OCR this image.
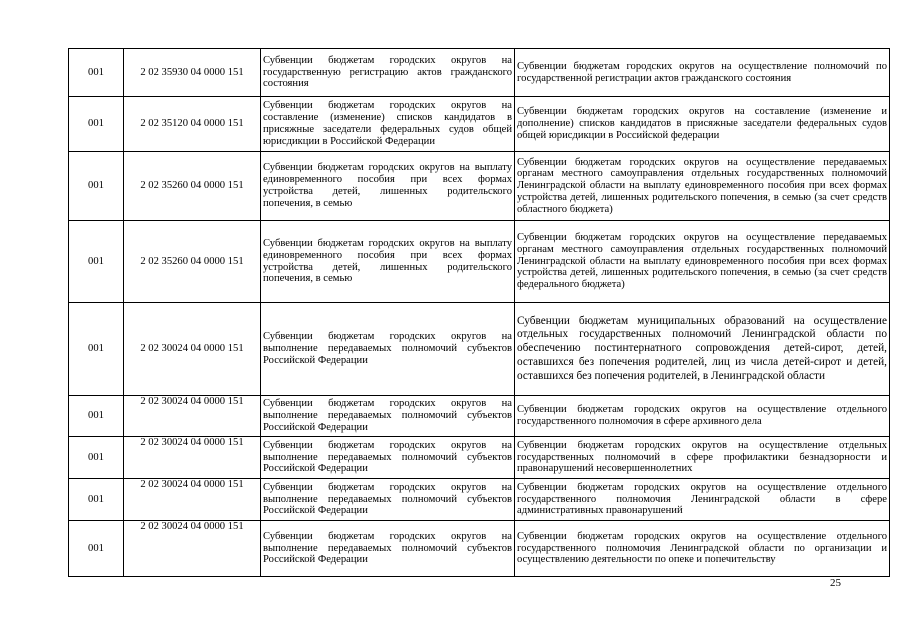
001	2 02 35930 04 0000 151	Субвенции бюджетам городских округов на государственную регистрацию актов гражданского состояния	Субвенции бюджетам городских округов на осуществление полномочий по государственной регистрации актов гражданского состояния
001	2 02 35120 04 0000 151	Субвенции бюджетам городских округов на составление (изменение) списков кандидатов в присяжные заседатели федеральных судов общей юрисдикции в Российской Федерации	Субвенции бюджетам городских округов на составление (изменение и дополнение) списков кандидатов в присяжные заседатели федеральных судов общей юрисдикции в Российской федерации
001	2 02 35260 04 0000 151	Субвенции бюджетам городских округов на выплату единовременного пособия при всех формах устройства детей, лишенных родительского попечения, в семью	Субвенции бюджетам городских округов на осуществление передаваемых органам местного самоуправления отдельных государственных полномочий Ленинградской области на выплату единовременного пособия при всех формах устройства детей, лишенных родительского попечения, в семью (за счет средств областного бюджета)
001	2 02 35260 04 0000 151	Субвенции бюджетам городских округов на выплату единовременного пособия при всех формах устройства детей, лишенных родительского попечения, в семью	Субвенции бюджетам городских округов на осуществление передаваемых органам местного самоуправления отдельных государственных полномочий Ленинградской области на выплату единовременного пособия при всех формах устройства детей, лишенных родительского попечения, в семью (за счет средств федерального бюджета)
001	2 02 30024 04 0000 151	Субвенции бюджетам городских округов на выполнение передаваемых полномочий субъектов Российской Федерации	Субвенции бюджетам муниципальных образований на осуществление отдельных государственных полномочий Ленинградской области по обеспечению постинтернатного сопровождения детей-сирот, детей, оставшихся без попечения родителей, лиц из числа детей-сирот и детей, оставшихся без попечения родителей, в Ленинградской области
001	2 02 30024 04 0000 151	Субвенции бюджетам городских округов на выполнение передаваемых полномочий субъектов Российской Федерации	Субвенции бюджетам городских округов на осуществление отдельного государственного полномочия в сфере архивного дела
001	2 02 30024 04 0000 151	Субвенции бюджетам городских округов на выполнение передаваемых полномочий субъектов Российской Федерации	Субвенции бюджетам городских округов на осуществление отдельных государственных полномочий в сфере профилактики безнадзорности и правонарушений несовершеннолетних
001	2 02 30024 04 0000 151	Субвенции бюджетам городских округов на выполнение передаваемых полномочий субъектов Российской Федерации	Субвенции бюджетам городских округов на осуществление отдельного государственного полномочия Ленинградской области в сфере административных правонарушений
001	2 02 30024 04 0000 151	Субвенции бюджетам городских округов на выполнение передаваемых полномочий субъектов Российской Федерации	Субвенции бюджетам городских округов на осуществление отдельного государственного полномочия Ленинградской области по организации и осуществлению деятельности по опеке и попечительству
25
